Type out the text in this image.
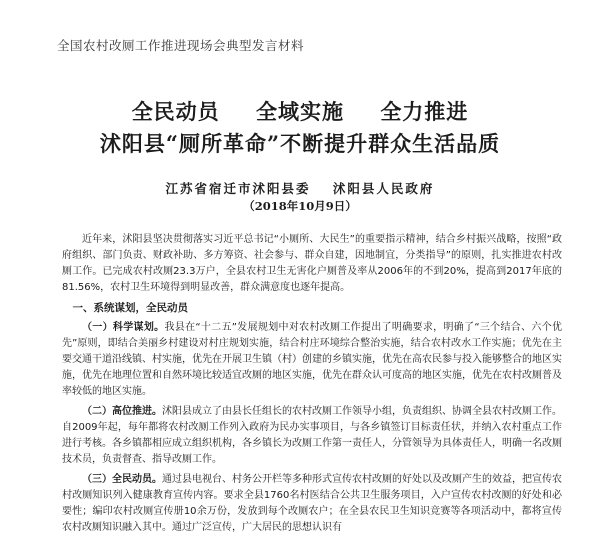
全国农村改厕工作推进现场会典型发言材料
全民动员 全域实施 全力推进
沭阳县“厕所革命”不断提升群众生活品质
江苏省宿迁市沭阳县委 沭阳县人民政府
（2018年10月9日）

近年来，沭阳县坚决贯彻落实习近平总书记“小厕所、大民生”的重要指示精神，结合乡村振兴战略，按照“政府组织、部门负责、财政补助、多方筹资、社会参与、群众自建，因地制宜，分类指导”的原则，扎实推进农村改厕工作。已完成农村改厕23.3万户，全县农村卫生无害化户厕普及率从2006年的不到20%，提高到2017年底的81.56%，农村卫生环境得到明显改善，群众满意度也逐年提高。

一、系统谋划，全民动员

（一）科学谋划。我县在“十二五”发展规划中对农村改厕工作提出了明确要求，明确了“三个结合、六个优先”原则，即结合美丽乡村建设对村庄规划实施，结合村庄环境综合整治实施，结合农村改水工作实施；优先在主要交通干道沿线镇、村实施，优先在开展卫生镇（村）创建的乡镇实施，优先在高农民参与投入能够整合的地区实施，优先在地理位置和自然环境比较适宜改厕的地区实施，优先在群众认可度高的地区实施，优先在农村改厕普及率较低的地区实施。

（二）高位推进。沭阳县成立了由县长任组长的农村改厕工作领导小组，负责组织、协调全县农村改厕工作。自2009年起，每年都将农村改厕工作列入政府为民办实事项目，与各乡镇签订目标责任状，并纳入农村重点工作进行考核。各乡镇都相应成立组织机构，各乡镇长为改厕工作第一责任人，分管领导为具体责任人，明确一名改厕技术员，负责督查、指导改厕工作。

（三）全民动员。通过县电视台、村务公开栏等多种形式宣传农村改厕的好处以及改厕产生的效益，把宣传农村改厕知识列入健康教育宣传内容。要求全县1760名村医结合公共卫生服务项目，入户宣传农村改厕的好处和必要性；编印农村改厕宣传册10余万份，发放到每个改厕农户；在全县农民卫生知识竞赛等各项活动中，都将宣传农村改厕知识融入其中。通过广泛宣传，广大居民的思想认识有
